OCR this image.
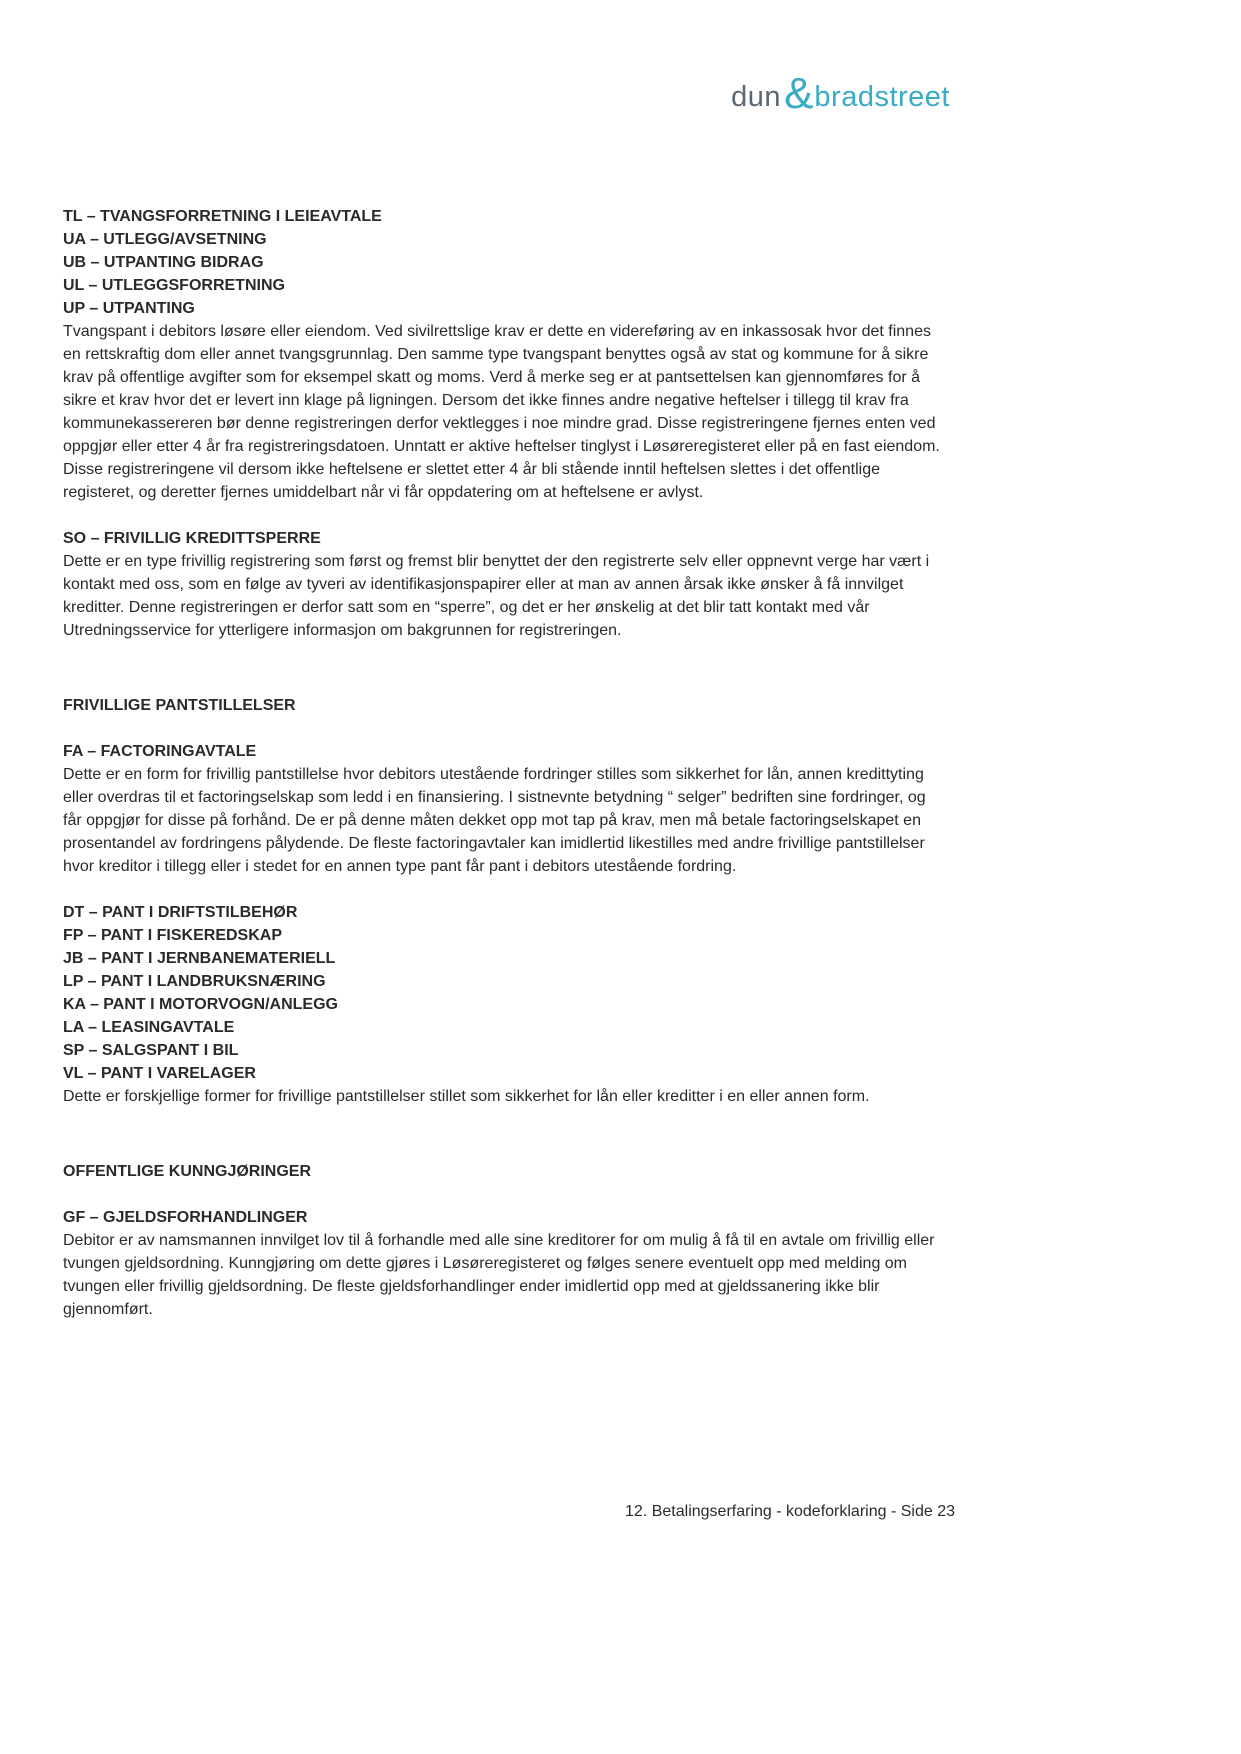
dun & bradstreet
TL – TVANGSFORRETNING I LEIEAVTALE
UA – UTLEGG/AVSETNING
UB – UTPANTING BIDRAG
UL – UTLEGGSFORRETNING
UP – UTPANTING

Tvangspant i debitors løsøre eller eiendom. Ved sivilrettslige krav er dette en videreføring av en inkassosak hvor det finnes en rettskraftig dom eller annet tvangsgrunnlag. Den samme type tvangspant benyttes også av stat og kommune for å sikre krav på offentlige avgifter som for eksempel skatt og moms. Verd å merke seg er at pantsettelsen kan gjennomføres for å sikre et krav hvor det er levert inn klage på ligningen. Dersom det ikke finnes andre negative heftelser i tillegg til krav fra kommunekassereren bør denne registreringen derfor vektlegges i noe mindre grad. Disse registreringene fjernes enten ved oppgjør eller etter 4 år fra registreringsdatoen. Unntatt er aktive heftelser tinglyst i Løsøreregisteret eller på en fast eiendom. Disse registreringene vil dersom ikke heftelsene er slettet etter 4 år bli stående inntil heftelsen slettes i det offentlige registeret, og deretter fjernes umiddelbart når vi får oppdatering om at heftelsene er avlyst.

SO – FRIVILLIG KREDITTSPERRE

Dette er en type frivillig registrering som først og fremst blir benyttet der den registrerte selv eller oppnevnt verge har vært i kontakt med oss, som en følge av tyveri av identifikasjonspapirer eller at man av annen årsak ikke ønsker å få innvilget kreditter. Denne registreringen er derfor satt som en “sperre”, og det er her ønskelig at det blir tatt kontakt med vår Utredningsservice for ytterligere informasjon om bakgrunnen for registreringen.

FRIVILLIGE PANTSTILLELSER
FA – FACTORINGAVTALE

Dette er en form for frivillig pantstillelse hvor debitors utestående fordringer stilles som sikkerhet for lån, annen kredittyting eller overdras til et factoringselskap som ledd i en finansiering. I sistnevnte betydning “ selger” bedriften sine fordringer, og får oppgjør for disse på forhånd. De er på denne måten dekket opp mot tap på krav, men må betale factoringselskapet en prosentandel av fordringens pålydende. De fleste factoringavtaler kan imidlertid likestilles med andre frivillige pantstillelser hvor kreditor i tillegg eller i stedet for en annen type pant får pant i debitors utestående fordring.

DT – PANT I DRIFTSTILBEHØR
FP – PANT I FISKEREDSKAP
JB – PANT I JERNBANEMATERIELL
LP – PANT I LANDBRUKSNÆRING
KA – PANT I MOTORVOGN/ANLEGG
LA – LEASINGAVTALE
SP – SALGSPANT I BIL
VL – PANT I VARELAGER

Dette er forskjellige former for frivillige pantstillelser stillet som sikkerhet for lån eller kreditter i en eller annen form.

OFFENTLIGE KUNNGJØRINGER
GF – GJELDSFORHANDLINGER

Debitor er av namsmannen innvilget lov til å forhandle med alle sine kreditorer for om mulig å få til en avtale om frivillig eller tvungen gjeldsordning. Kunngjøring om dette gjøres i Løsøreregisteret og følges senere eventuelt opp med melding om tvungen eller frivillig gjeldsordning. De fleste gjeldsforhandlinger ender imidlertid opp med at gjeldssanering ikke blir gjennomført.

12. Betalingserfaring - kodeforklaring - Side 23
